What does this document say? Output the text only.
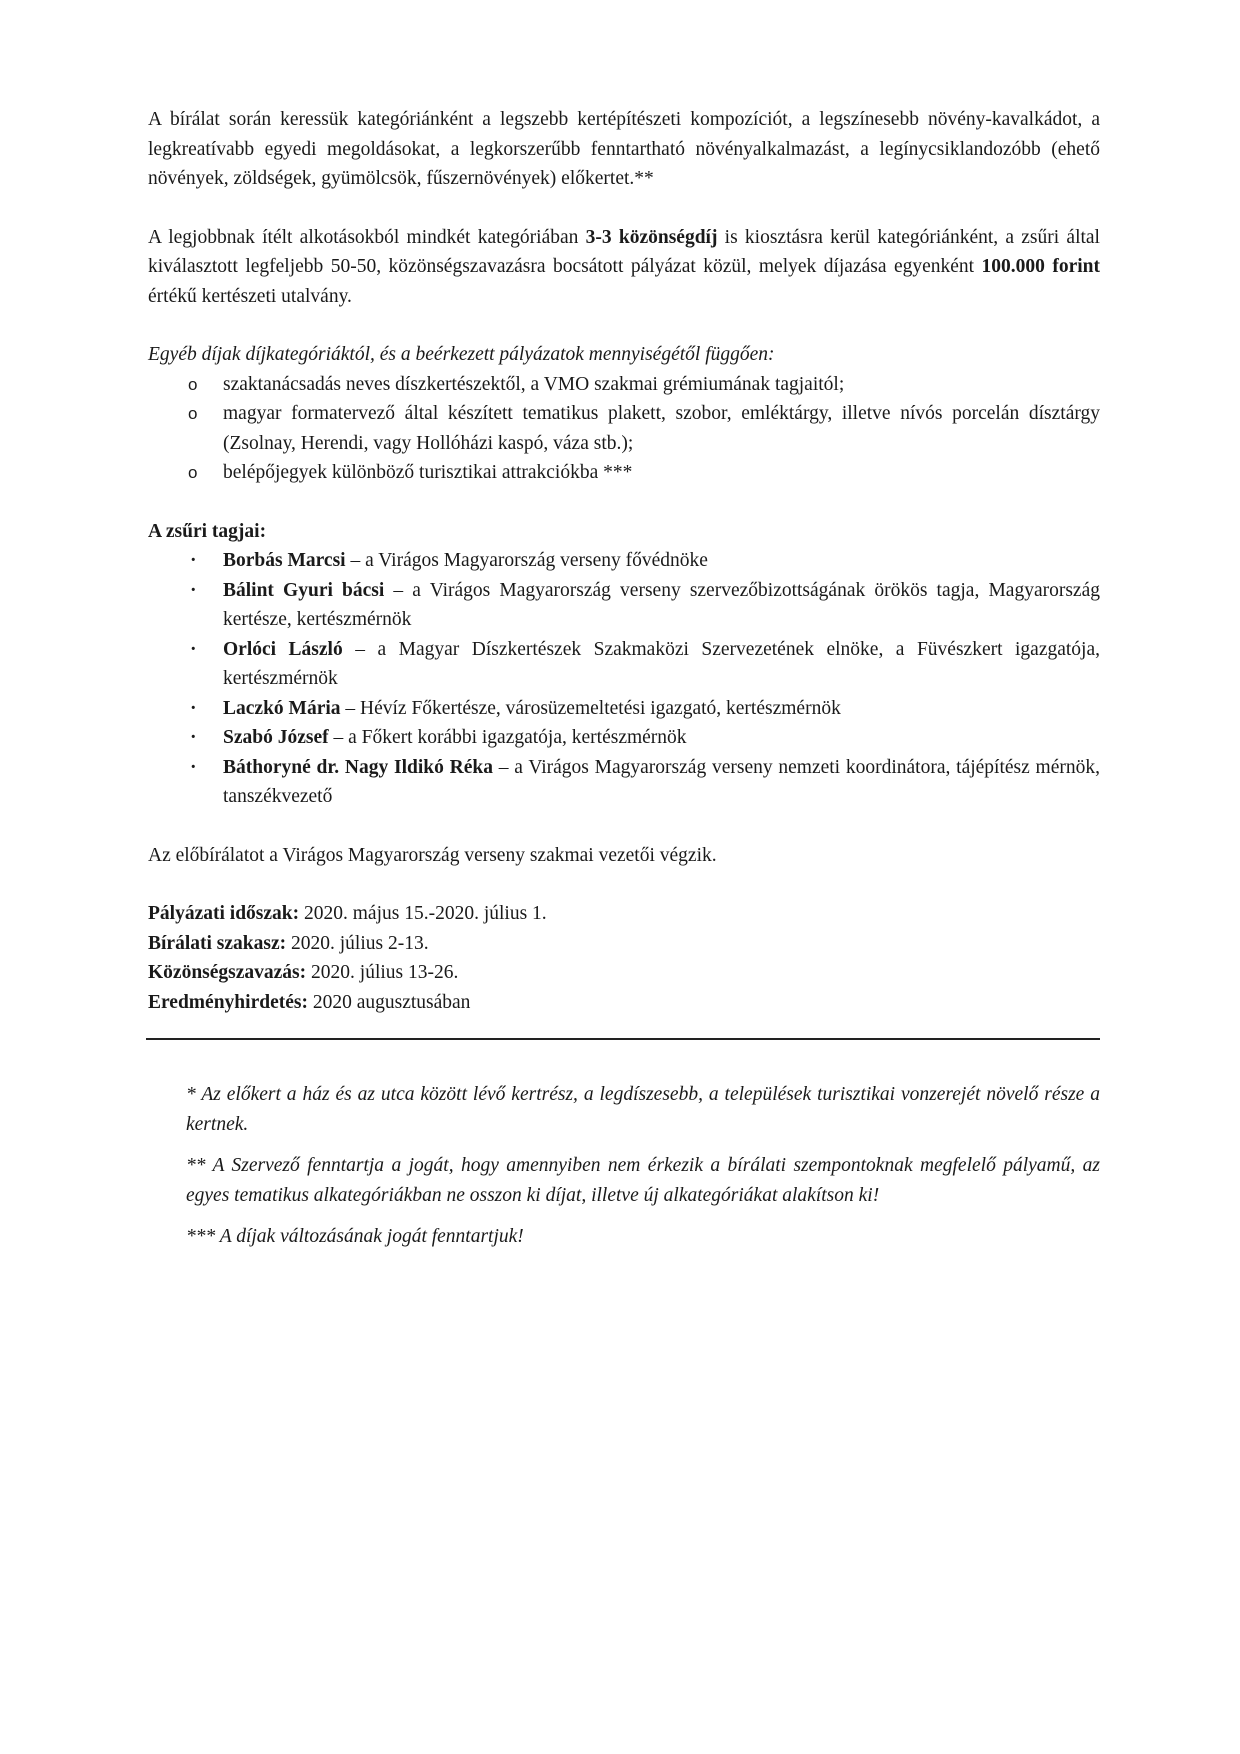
A bírálat során keressük kategóriánként a legszebb kertépítészeti kompozíciót, a legszínesebb növény-kavalkádot, a legkreatívabb egyedi megoldásokat, a legkorszerűbb fenntartható növényalkalmazást, a legínycsiklandozóbb (ehető növények, zöldségek, gyümölcsök, fűszernövények) előkertet.**

A legjobbnak ítélt alkotásokból mindkét kategóriában 3-3 közönségdíj is kiosztásra kerül kategóriánként, a zsűri által kiválasztott legfeljebb 50-50, közönségszavazásra bocsátott pályázat közül, melyek díjazása egyenként 100.000 forint értékű kertészeti utalvány.

Egyéb díjak díjkategóriáktól, és a beérkezett pályázatok mennyiségétől függően:

o szaktanácsadás neves díszkertészektől, a VMO szakmai grémiumának tagjaitól;
o magyar formatervező által készített tematikus plakett, szobor, emléktárgy, illetve nívós porcelán dísztárgy (Zsolnay, Herendi, vagy Hollóházi kaspó, váza stb.);
o belépőjegyek különböző turisztikai attrakciókba ***

A zsűri tagjai:

· Borbás Marcsi – a Virágos Magyarország verseny fővédnöke
· Bálint Gyuri bácsi – a Virágos Magyarország verseny szervezőbizottságának örökös tagja, Magyarország kertésze, kertészmérnök
· Orlóci László – a Magyar Díszkertészek Szakmaközi Szervezetének elnöke, a Füvészkert igazgatója, kertészmérnök
· Laczkó Mária – Hévíz Főkertésze, városüzemeltetési igazgató, kertészmérnök
· Szabó József – a Főkert korábbi igazgatója, kertészmérnök
· Báthoryné dr. Nagy Ildikó Réka – a Virágos Magyarország verseny nemzeti koordinátora, tájépítész mérnök, tanszékvezető

Az előbírálatot a Virágos Magyarország verseny szakmai vezetői végzik.

Pályázati időszak: 2020. május 15.-2020. július 1.

Bírálati szakasz: 2020. július 2-13.

Közönségszavazás: 2020. július 13-26.

Eredményhirdetés: 2020 augusztusában

* Az előkert a ház és az utca között lévő kertrész, a legdíszesebb, a települések turisztikai vonzerejét növelő része a kertnek.

** A Szervező fenntartja a jogát, hogy amennyiben nem érkezik a bírálati szempontoknak megfelelő pályamű, az egyes tematikus alkategóriákban ne osszon ki díjat, illetve új alkategóriákat alakítson ki!

*** A díjak változásának jogát fenntartjuk!
